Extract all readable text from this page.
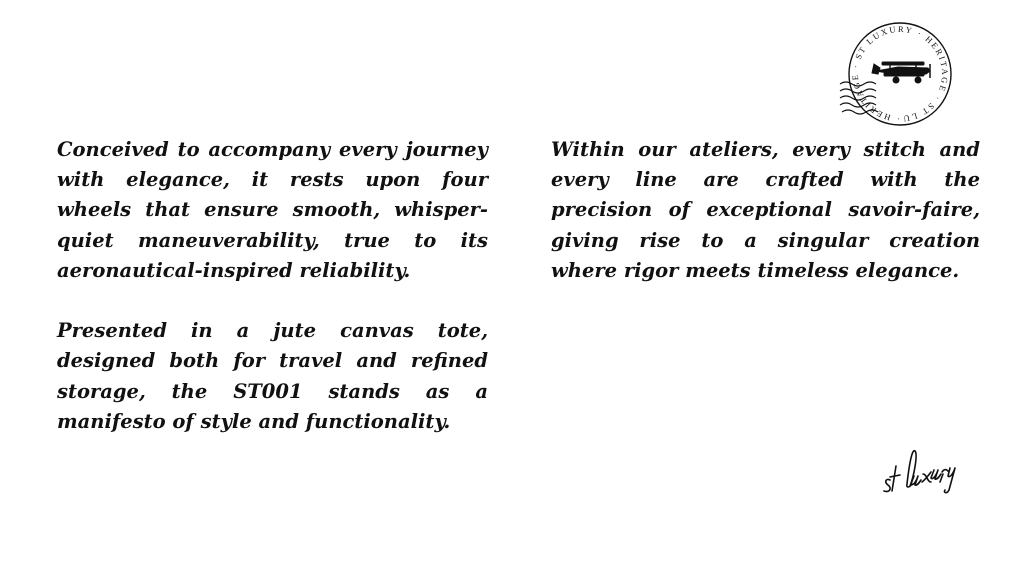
Conceived to accompany every journey with elegance, it rests upon four wheels that ensure smooth, whisper-quiet maneuverability, true to its aeronautical-inspired reliability.

Presented in a jute canvas tote, designed both for travel and refined storage, the ST001 stands as a manifesto of style and functionality.

Within our ateliers, every stitch and every line are crafted with the precision of exceptional savoir-faire, giving rise to a singular creation where rigor meets timeless elegance.

· HERITAGE · ST LUXURY · HERITAGE · ST LU
